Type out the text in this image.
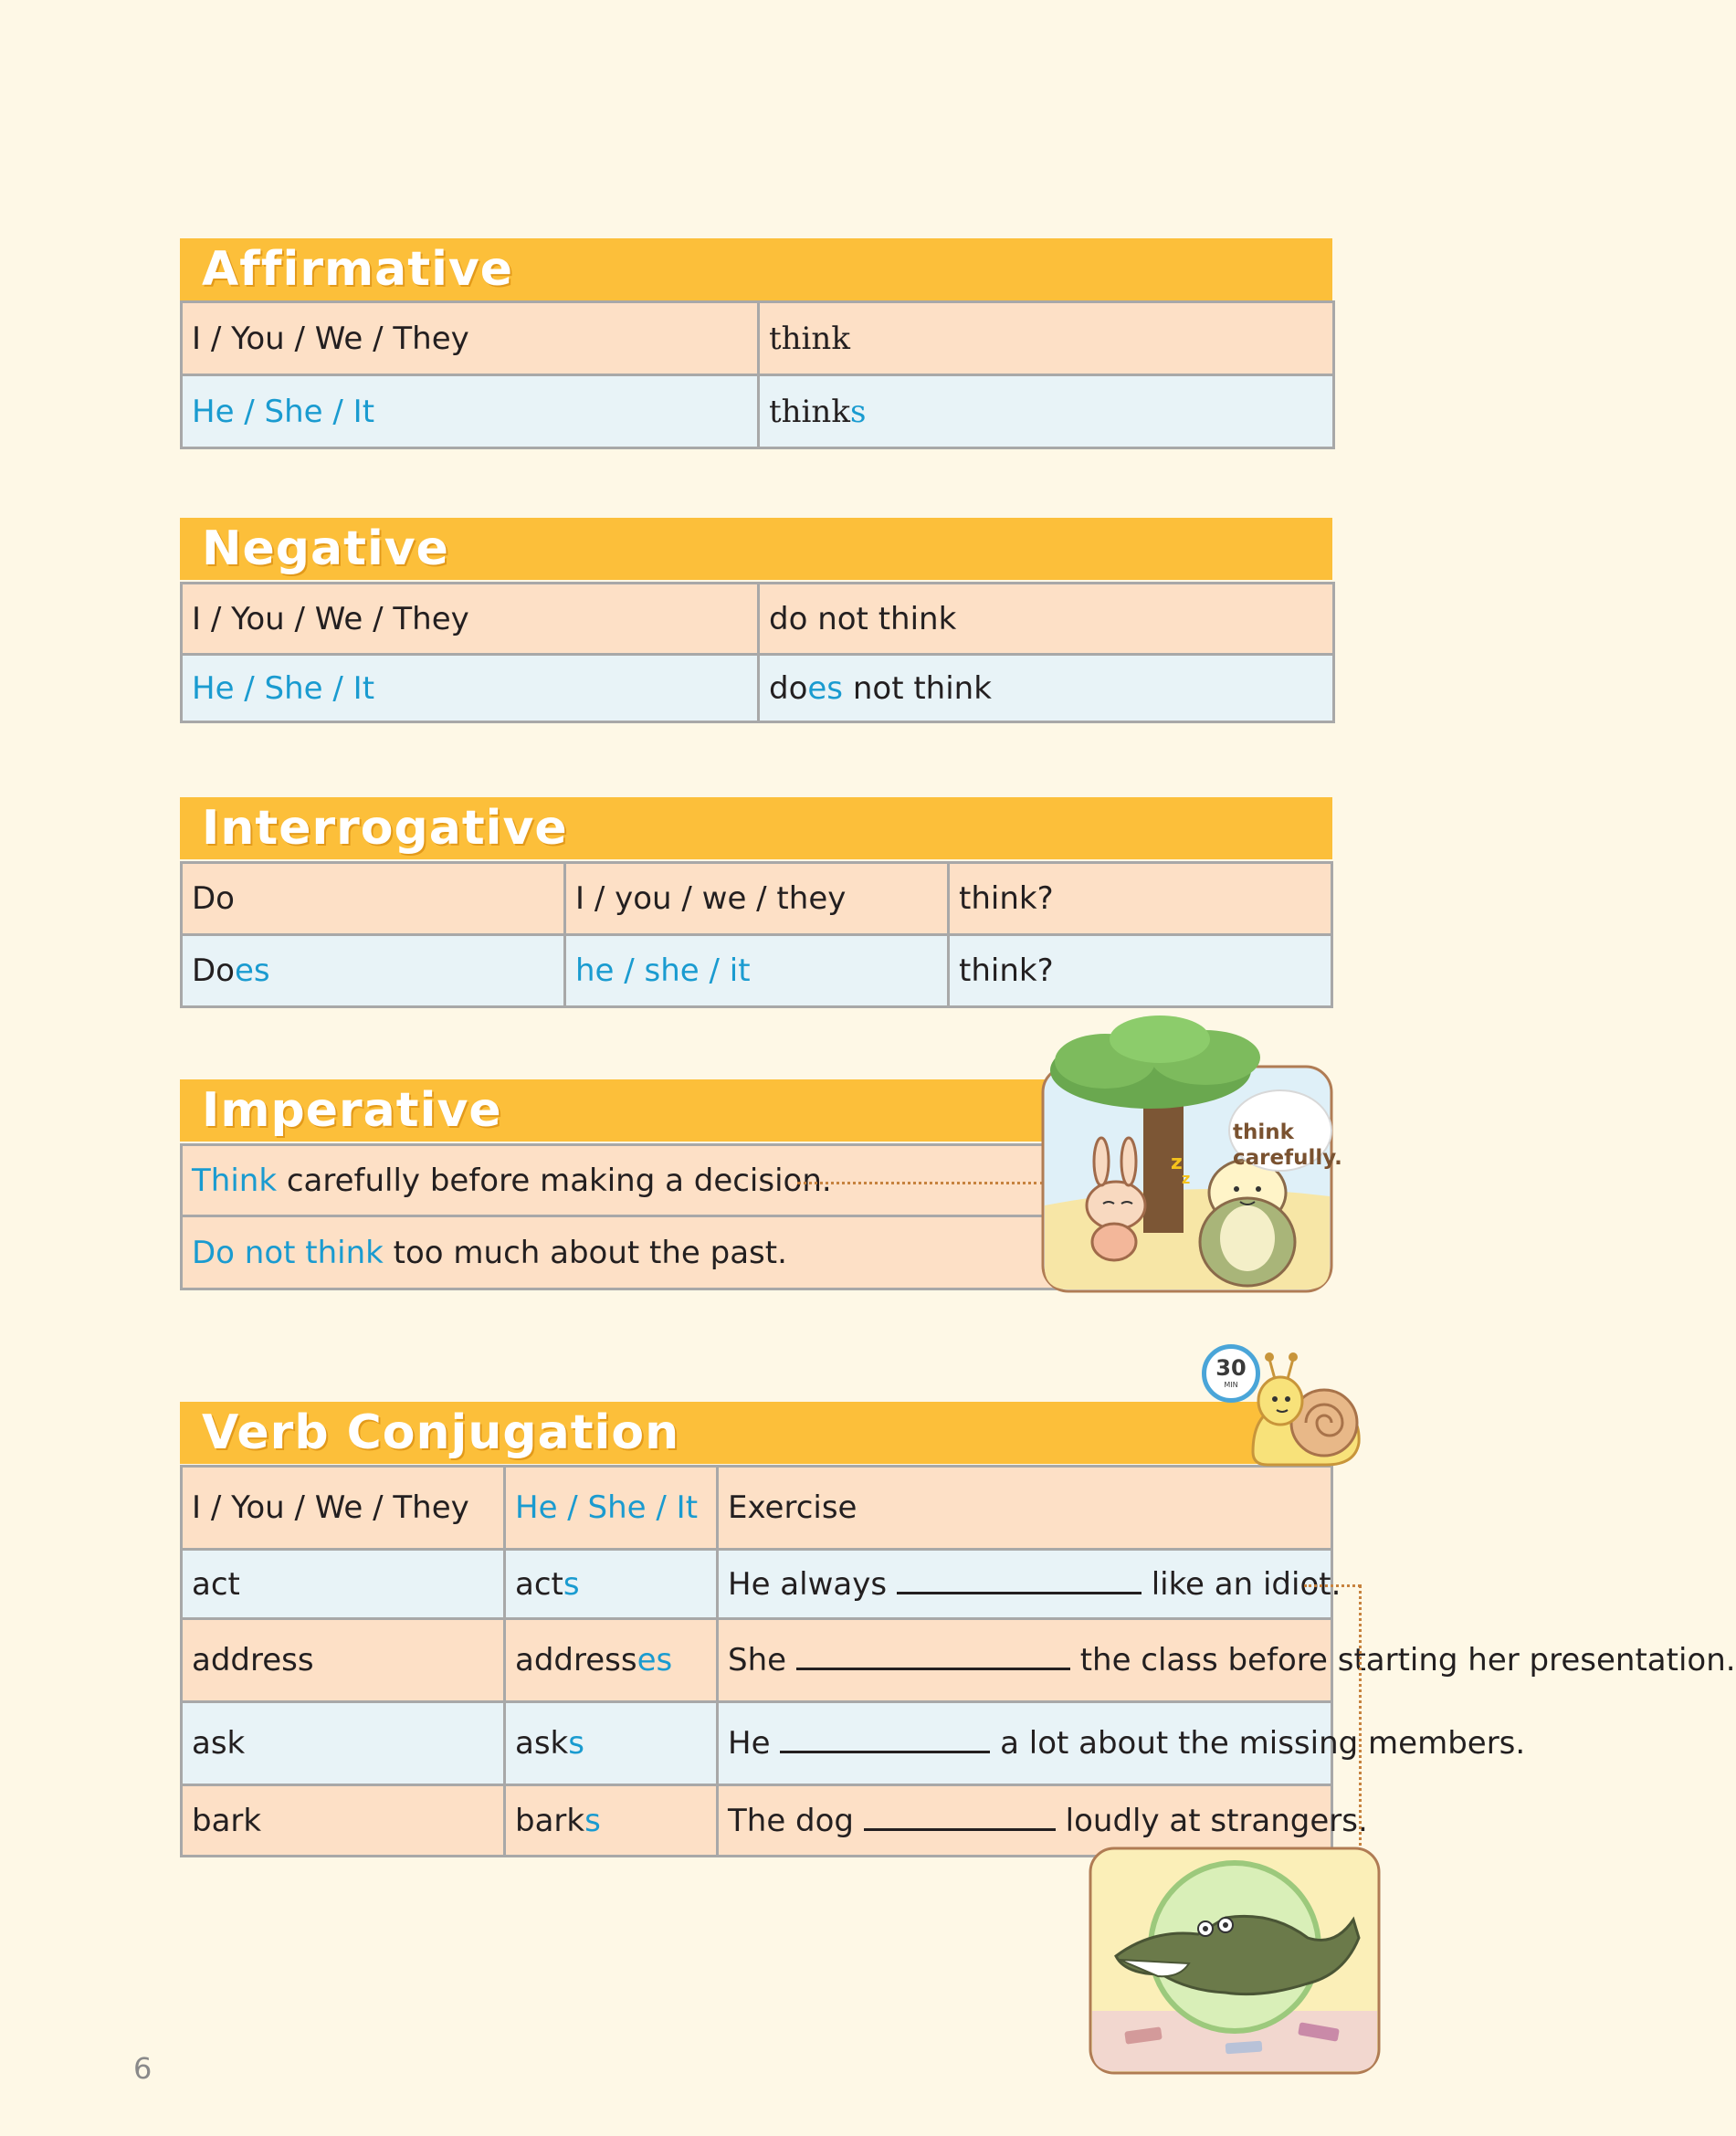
Affirmative
I / You / We / They	think
He / She / It	thinks
Negative
I / You / We / They	do not think
He / She / It	does not think
Interrogative
Do	I / you / we / they	think?
Does	he / she / it	think?
Imperative
Think carefully before making a decision.
Do not think too much about the past.
z
z
think
carefully.
Verb Conjugation
I / You / We / They	He / She / It	Exercise
act	acts	He always like an idiot.
address	addresses	She the class before starting her presentation.
ask	asks	He a lot about the missing members.
bark	barks	The dog loudly at strangers.
30
MIN
6
